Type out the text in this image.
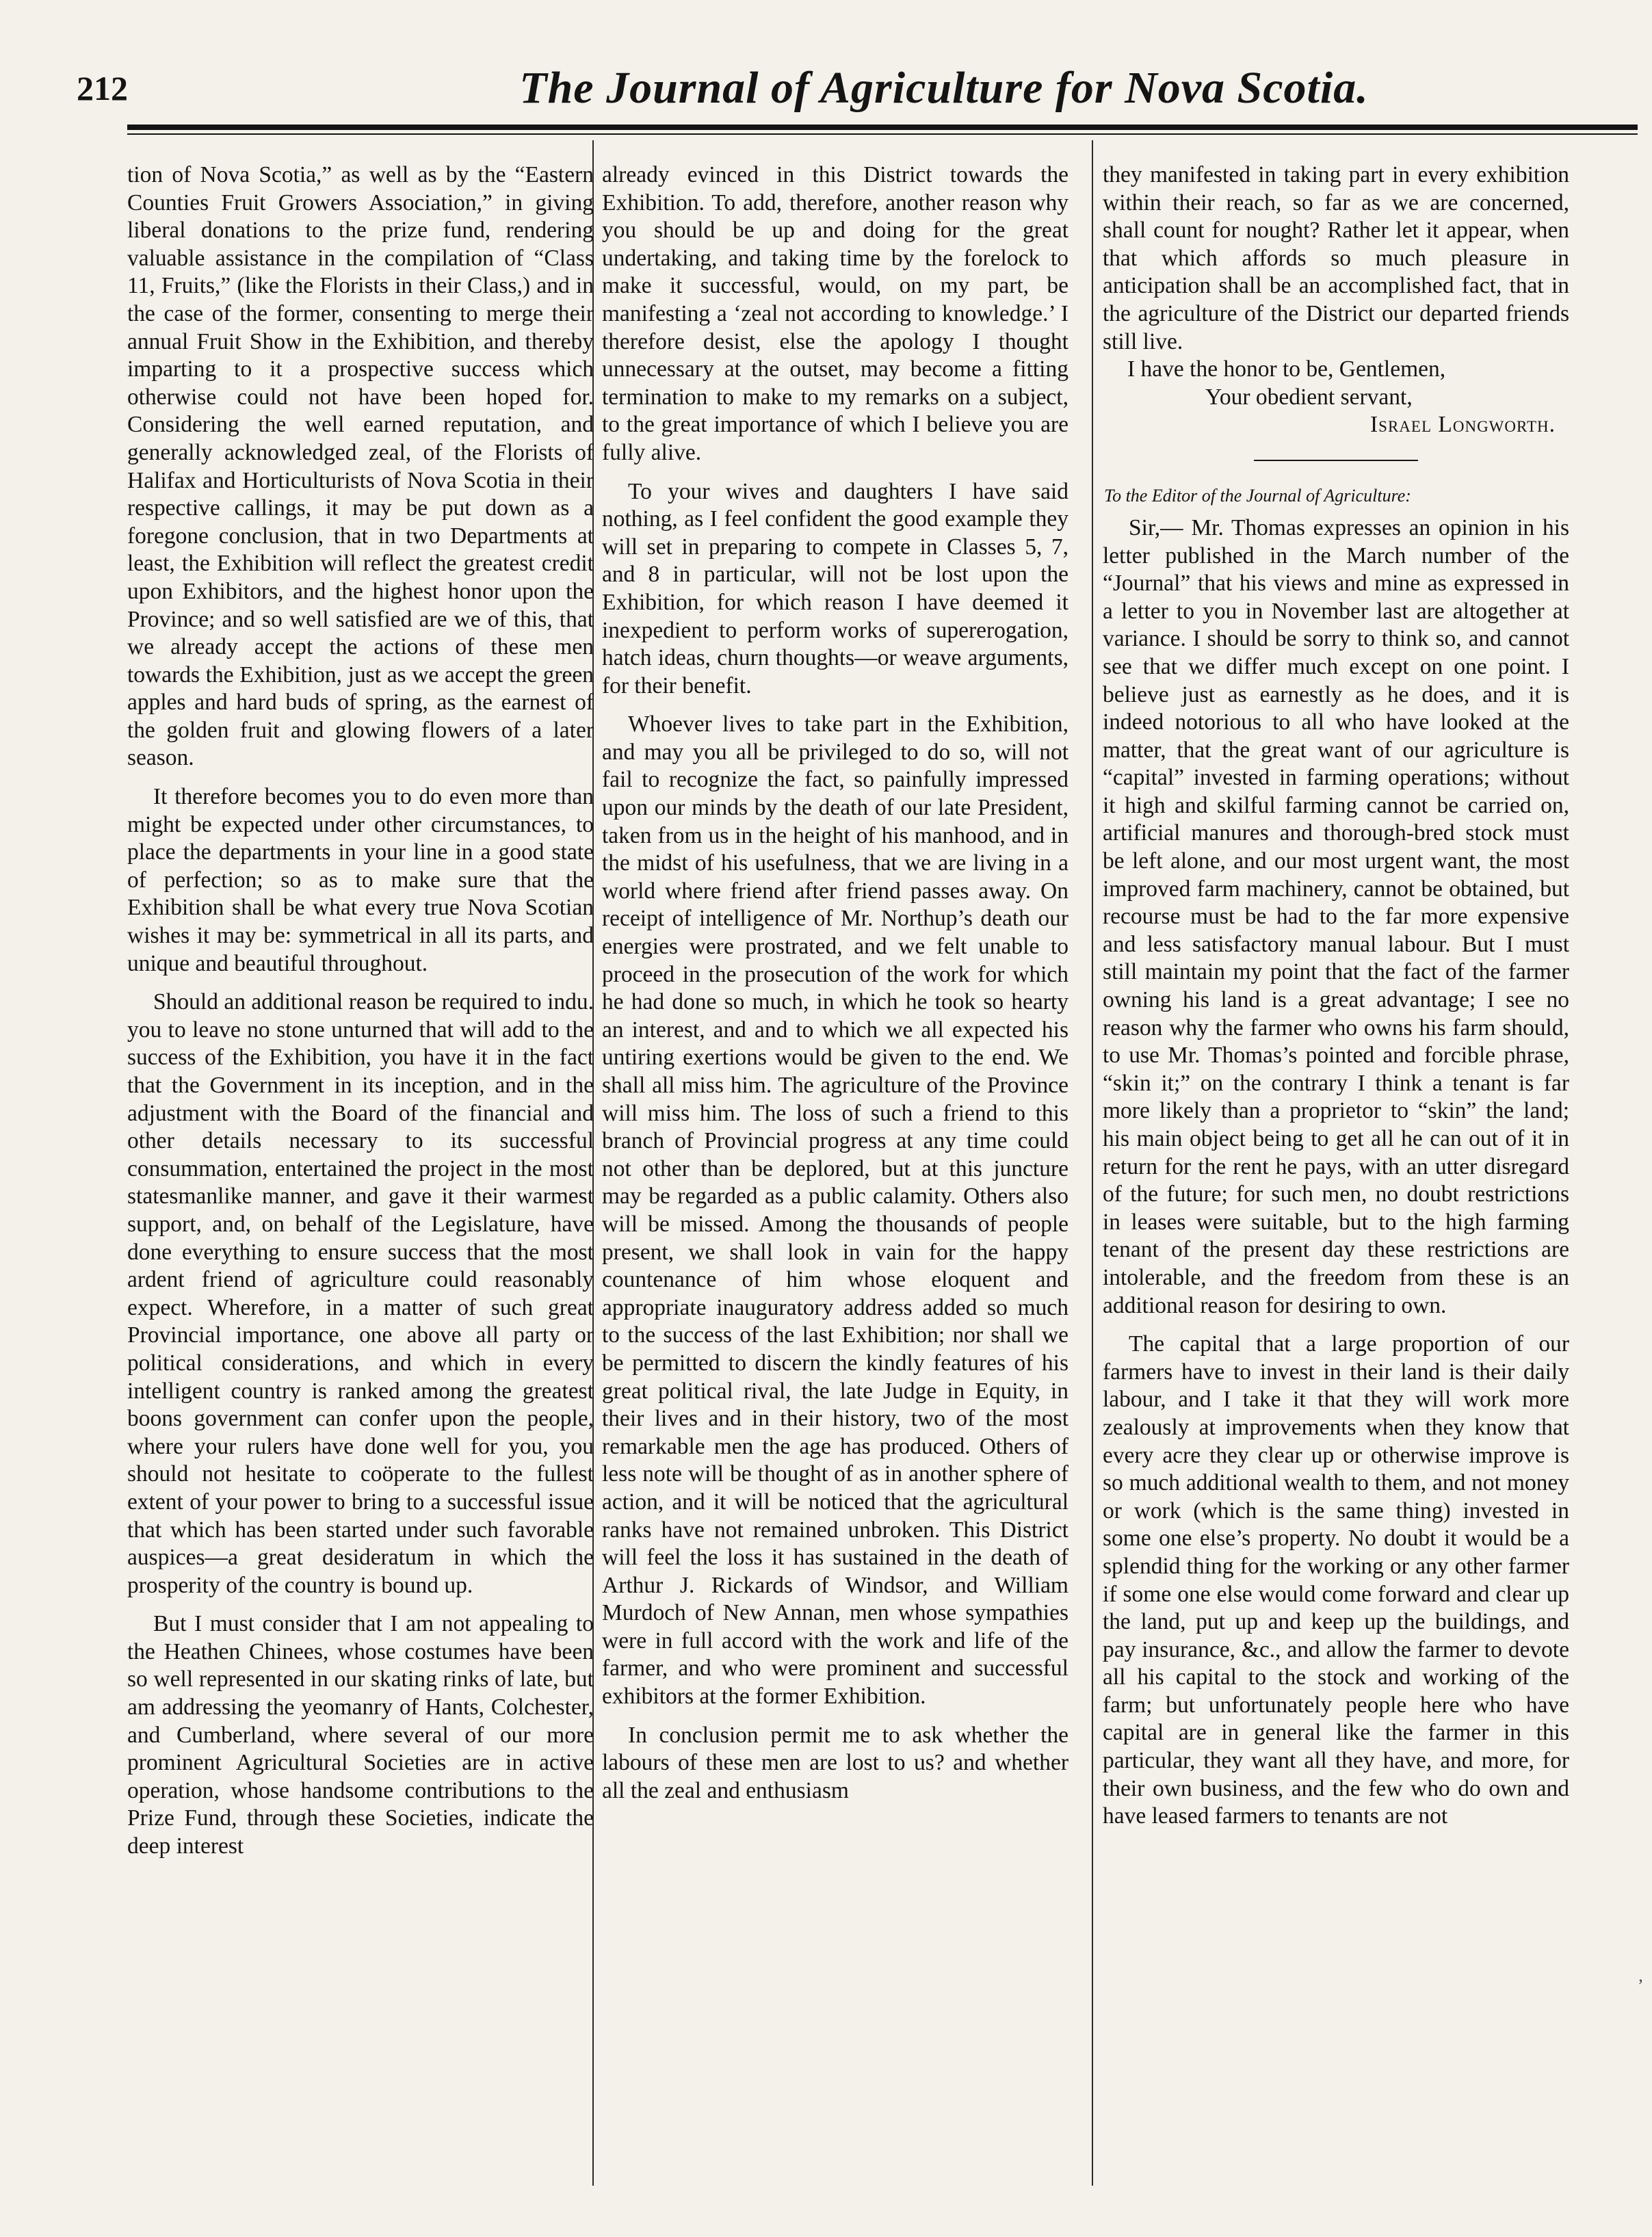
212	The Journal of Agriculture for Nova Scotia.

tion of Nova Scotia,” as well as by the “Eastern Counties Fruit Growers Association,” in giving liberal donations to the prize fund, rendering valuable assistance in the compilation of “Class 11, Fruits,” (like the Florists in their Class,) and in the case of the former, consenting to merge their annual Fruit Show in the Exhibition, and thereby imparting to it a prospective success which otherwise could not have been hoped for. Considering the well earned reputation, and generally acknowledged zeal, of the Florists of Halifax and Horticulturists of Nova Scotia in their respective callings, it may be put down as a foregone conclusion, that in two Departments at least, the Exhibition will reflect the greatest credit upon Exhibitors, and the highest honor upon the Province; and so well satisfied are we of this, that we already accept the actions of these men towards the Exhibition, just as we accept the green apples and hard buds of spring, as the earnest of the golden fruit and glowing flowers of a later season.

It therefore becomes you to do even more than might be expected under other circumstances, to place the departments in your line in a good state of perfection; so as to make sure that the Exhibition shall be what every true Nova Scotian wishes it may be: symmetrical in all its parts, and unique and beautiful throughout.

Should an additional reason be required to indu. you to leave no stone unturned that will add to the success of the Exhibition, you have it in the fact that the Government in its inception, and in the adjustment with the Board of the financial and other details necessary to its successful consummation, entertained the project in the most statesmanlike manner, and gave it their warmest support, and, on behalf of the Legislature, have done everything to ensure success that the most ardent friend of agriculture could reasonably expect. Wherefore, in a matter of such great Provincial importance, one above all party or political considerations, and which in every intelligent country is ranked among the greatest boons government can confer upon the people, where your rulers have done well for you, you should not hesitate to coöperate to the fullest extent of your power to bring to a successful issue that which has been started under such favorable auspices—a great desideratum in which the prosperity of the country is bound up.

But I must consider that I am not appealing to the Heathen Chinees, whose costumes have been so well represented in our skating rinks of late, but am addressing the yeomanry of Hants, Colchester, and Cumberland, where several of our more prominent Agricultural Societies are in active operation, whose handsome contributions to the Prize Fund, through these Societies, indicate the deep interest

already evinced in this District towards the Exhibition. To add, therefore, another reason why you should be up and doing for the great undertaking, and taking time by the forelock to make it successful, would, on my part, be manifesting a ‘zeal not according to knowledge.’ I therefore desist, else the apology I thought unnecessary at the outset, may become a fitting termination to make to my remarks on a subject, to the great importance of which I believe you are fully alive.

To your wives and daughters I have said nothing, as I feel confident the good example they will set in preparing to compete in Classes 5, 7, and 8 in particular, will not be lost upon the Exhibition, for which reason I have deemed it inexpedient to perform works of supererogation, hatch ideas, churn thoughts—or weave arguments, for their benefit.

Whoever lives to take part in the Exhibition, and may you all be privileged to do so, will not fail to recognize the fact, so painfully impressed upon our minds by the death of our late President, taken from us in the height of his manhood, and in the midst of his usefulness, that we are living in a world where friend after friend passes away. On receipt of intelligence of Mr. Northup’s death our energies were prostrated, and we felt unable to proceed in the prosecution of the work for which he had done so much, in which he took so hearty an interest, and and to which we all expected his untiring exertions would be given to the end. We shall all miss him. The agriculture of the Province will miss him. The loss of such a friend to this branch of Provincial progress at any time could not other than be deplored, but at this juncture may be regarded as a public calamity. Others also will be missed. Among the thousands of people present, we shall look in vain for the happy countenance of him whose eloquent and appropriate inauguratory address added so much to the success of the last Exhibition; nor shall we be permitted to discern the kindly features of his great political rival, the late Judge in Equity, in their lives and in their history, two of the most remarkable men the age has produced. Others of less note will be thought of as in another sphere of action, and it will be noticed that the agricultural ranks have not remained unbroken. This District will feel the loss it has sustained in the death of Arthur J. Rickards of Windsor, and William Murdoch of New Annan, men whose sympathies were in full accord with the work and life of the farmer, and who were prominent and successful exhibitors at the former Exhibition.

In conclusion permit me to ask whether the labours of these men are lost to us? and whether all the zeal and enthusiasm

they manifested in taking part in every exhibition within their reach, so far as we are concerned, shall count for nought? Rather let it appear, when that which affords so much pleasure in anticipation shall be an accomplished fact, that in the agriculture of the District our departed friends still live.

I have the honor to be, Gentlemen,

Your obedient servant,

Israel Longworth.

To the Editor of the Journal of Agriculture:

Sir,— Mr. Thomas expresses an opinion in his letter published in the March number of the “Journal” that his views and mine as expressed in a letter to you in November last are altogether at variance. I should be sorry to think so, and cannot see that we differ much except on one point. I believe just as earnestly as he does, and it is indeed notorious to all who have looked at the matter, that the great want of our agriculture is “capital” invested in farming operations; without it high and skilful farming cannot be carried on, artificial manures and thorough-bred stock must be left alone, and our most urgent want, the most improved farm machinery, cannot be obtained, but recourse must be had to the far more expensive and less satisfactory manual labour. But I must still maintain my point that the fact of the farmer owning his land is a great advantage; I see no reason why the farmer who owns his farm should, to use Mr. Thomas’s pointed and forcible phrase, “skin it;” on the contrary I think a tenant is far more likely than a proprietor to “skin” the land; his main object being to get all he can out of it in return for the rent he pays, with an utter disregard of the future; for such men, no doubt restrictions in leases were suitable, but to the high farming tenant of the present day these restrictions are intolerable, and the freedom from these is an additional reason for desiring to own.

The capital that a large proportion of our farmers have to invest in their land is their daily labour, and I take it that they will work more zealously at improvements when they know that every acre they clear up or otherwise improve is so much additional wealth to them, and not money or work (which is the same thing) invested in some one else’s property. No doubt it would be a splendid thing for the working or any other farmer if some one else would come forward and clear up the land, put up and keep up the buildings, and pay insurance, &c., and allow the farmer to devote all his capital to the stock and working of the farm; but unfortunately people here who have capital are in general like the farmer in this particular, they want all they have, and more, for their own business, and the few who do own and have leased farmers to tenants are not

’
